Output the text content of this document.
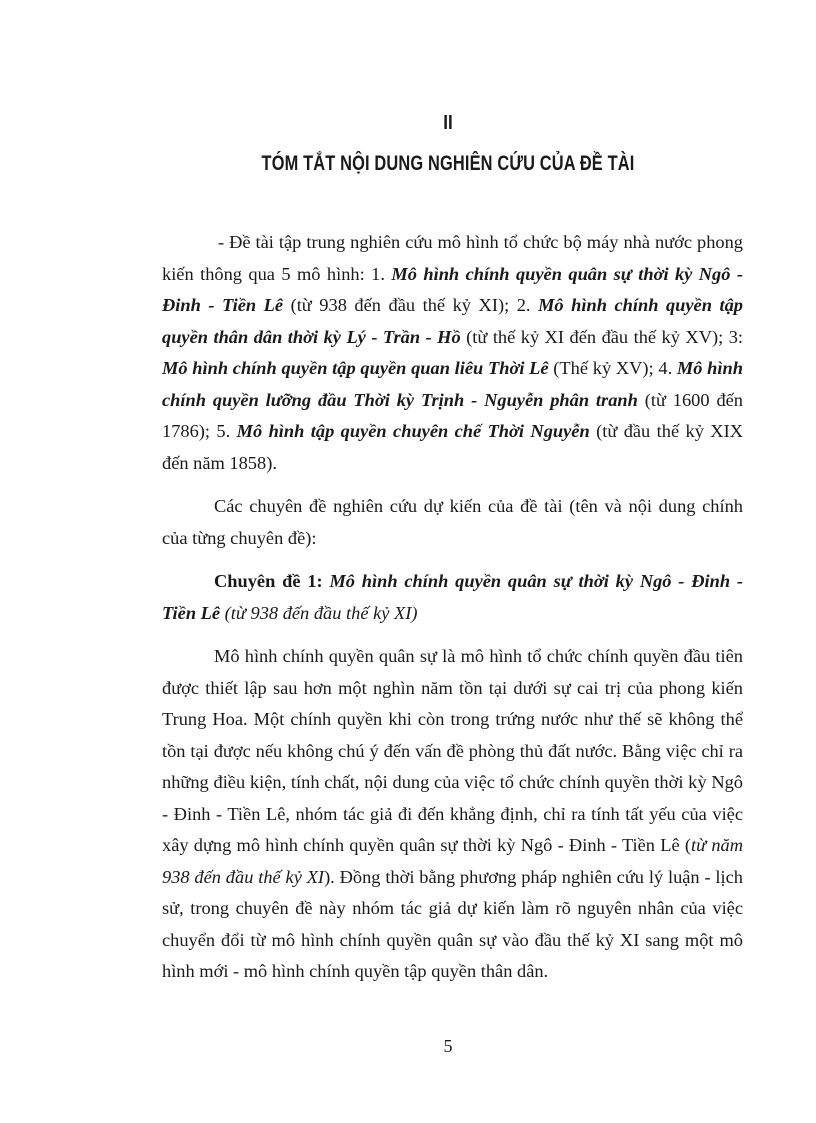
II
TÓM TẮT NỘI DUNG NGHIÊN CỨU CỦA ĐỀ TÀI

- Đề tài tập trung nghiên cứu mô hình tổ chức bộ máy nhà nước phong kiến thông qua 5 mô hình: 1. Mô hình chính quyền quân sự thời kỳ Ngô - Đinh - Tiền Lê (từ 938 đến đầu thế kỷ XI); 2. Mô hình chính quyền tập quyền thân dân thời kỳ Lý - Trần - Hồ (từ thế kỷ XI đến đầu thế kỷ XV); 3: Mô hình chính quyền tập quyền quan liêu Thời Lê (Thế kỷ XV); 4. Mô hình chính quyền lưỡng đầu Thời kỳ Trịnh - Nguyễn phân tranh (từ 1600 đến 1786); 5. Mô hình tập quyền chuyên chế Thời Nguyễn (từ đầu thế kỷ XIX đến năm 1858).

Các chuyên đề nghiên cứu dự kiến của đề tài (tên và nội dung chính của từng chuyên đề):

Chuyên đề 1: Mô hình chính quyền quân sự thời kỳ Ngô - Đinh - Tiền Lê (từ 938 đến đầu thế kỷ XI)

Mô hình chính quyền quân sự là mô hình tổ chức chính quyền đầu tiên được thiết lập sau hơn một nghìn năm tồn tại dưới sự cai trị của phong kiến Trung Hoa. Một chính quyền khi còn trong trứng nước như thế sẽ không thể tồn tại được nếu không chú ý đến vấn đề phòng thủ đất nước. Bằng việc chỉ ra những điều kiện, tính chất, nội dung của việc tổ chức chính quyền thời kỳ Ngô - Đinh - Tiền Lê, nhóm tác giả đi đến khẳng định, chỉ ra tính tất yếu của việc xây dựng mô hình chính quyền quân sự thời kỳ Ngô - Đinh - Tiền Lê (từ năm 938 đến đầu thế kỷ XI). Đồng thời bằng phương pháp nghiên cứu lý luận - lịch sử, trong chuyên đề này nhóm tác giả dự kiến làm rõ nguyên nhân của việc chuyển đổi từ mô hình chính quyền quân sự vào đầu thế kỷ XI sang một mô hình mới - mô hình chính quyền tập quyền thân dân.

5
